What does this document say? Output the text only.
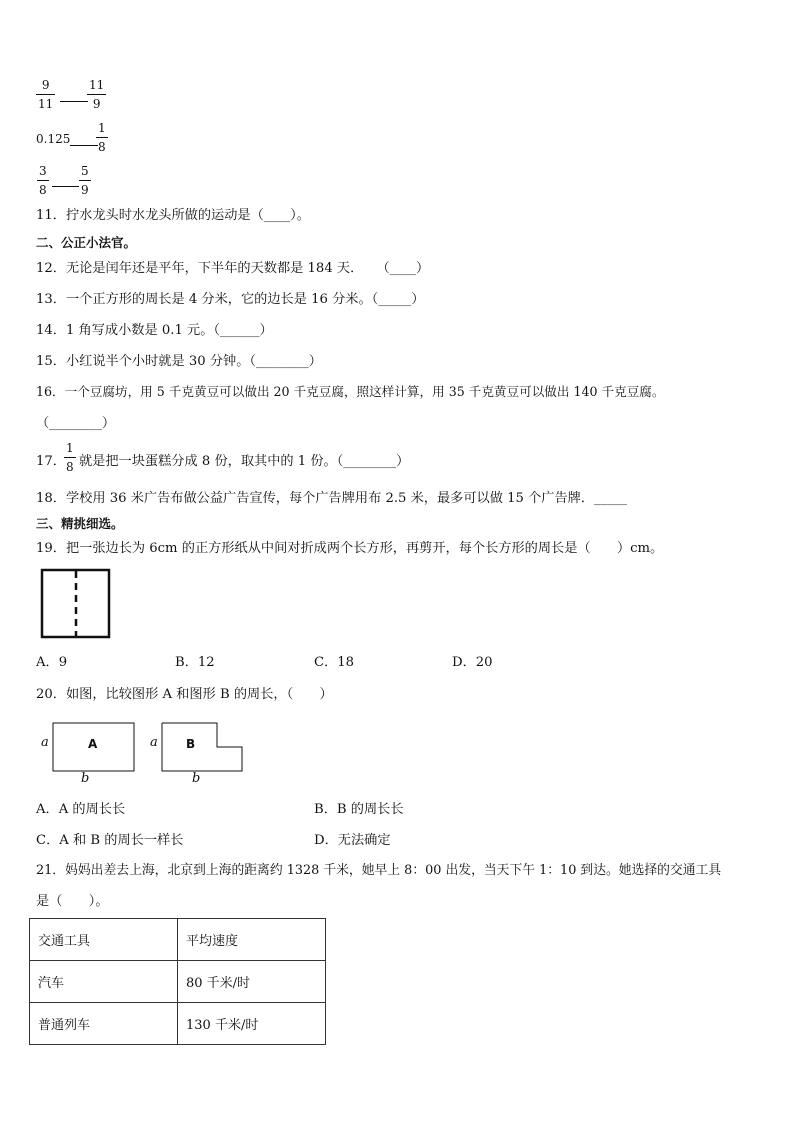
9
11
11
9
0.125
1
8
3
8
5
9
11．拧水龙头时水龙头所做的运动是（____）。
二、公正小法官。
12．无论是闰年还是平年，下半年的天数都是 184 天．　　（____）
13．一个正方形的周长是 4 分米，它的边长是 16 分米。（_____）
14．1 角写成小数是 0.1 元。（______）
15．小红说半个小时就是 30 分钟。（________）
16．一个豆腐坊，用 5 千克黄豆可以做出 20 千克豆腐，照这样计算，用 35 千克黄豆可以做出 140 千克豆腐。
（________）
17．
1
8 就是把一块蛋糕分成 8 份，取其中的 1 份。（________）
18．学校用 36 米广告布做公益广告宣传，每个广告牌用布 2.5 米，最多可以做 15 个广告牌．_____
三、精挑细选。
19．把一张边长为 6cm 的正方形纸从中间对折成两个长方形，再剪开，每个长方形的周长是（　　）cm。
A．9	B．12	C．18	D．20
20．如图，比较图形 A 和图形 B 的周长，（　　）
A	B
a	a
b	b
A．A 的周长长	B．B 的周长长
C．A 和 B 的周长一样长	D．无法确定
21．妈妈出差去上海，北京到上海的距离约 1328 千米，她早上 8：00 出发，当天下午 1：10 到达。她选择的交通工具
是（　　）。
交通工具	平均速度
汽车	80 千米/时
普通列车	130 千米/时
